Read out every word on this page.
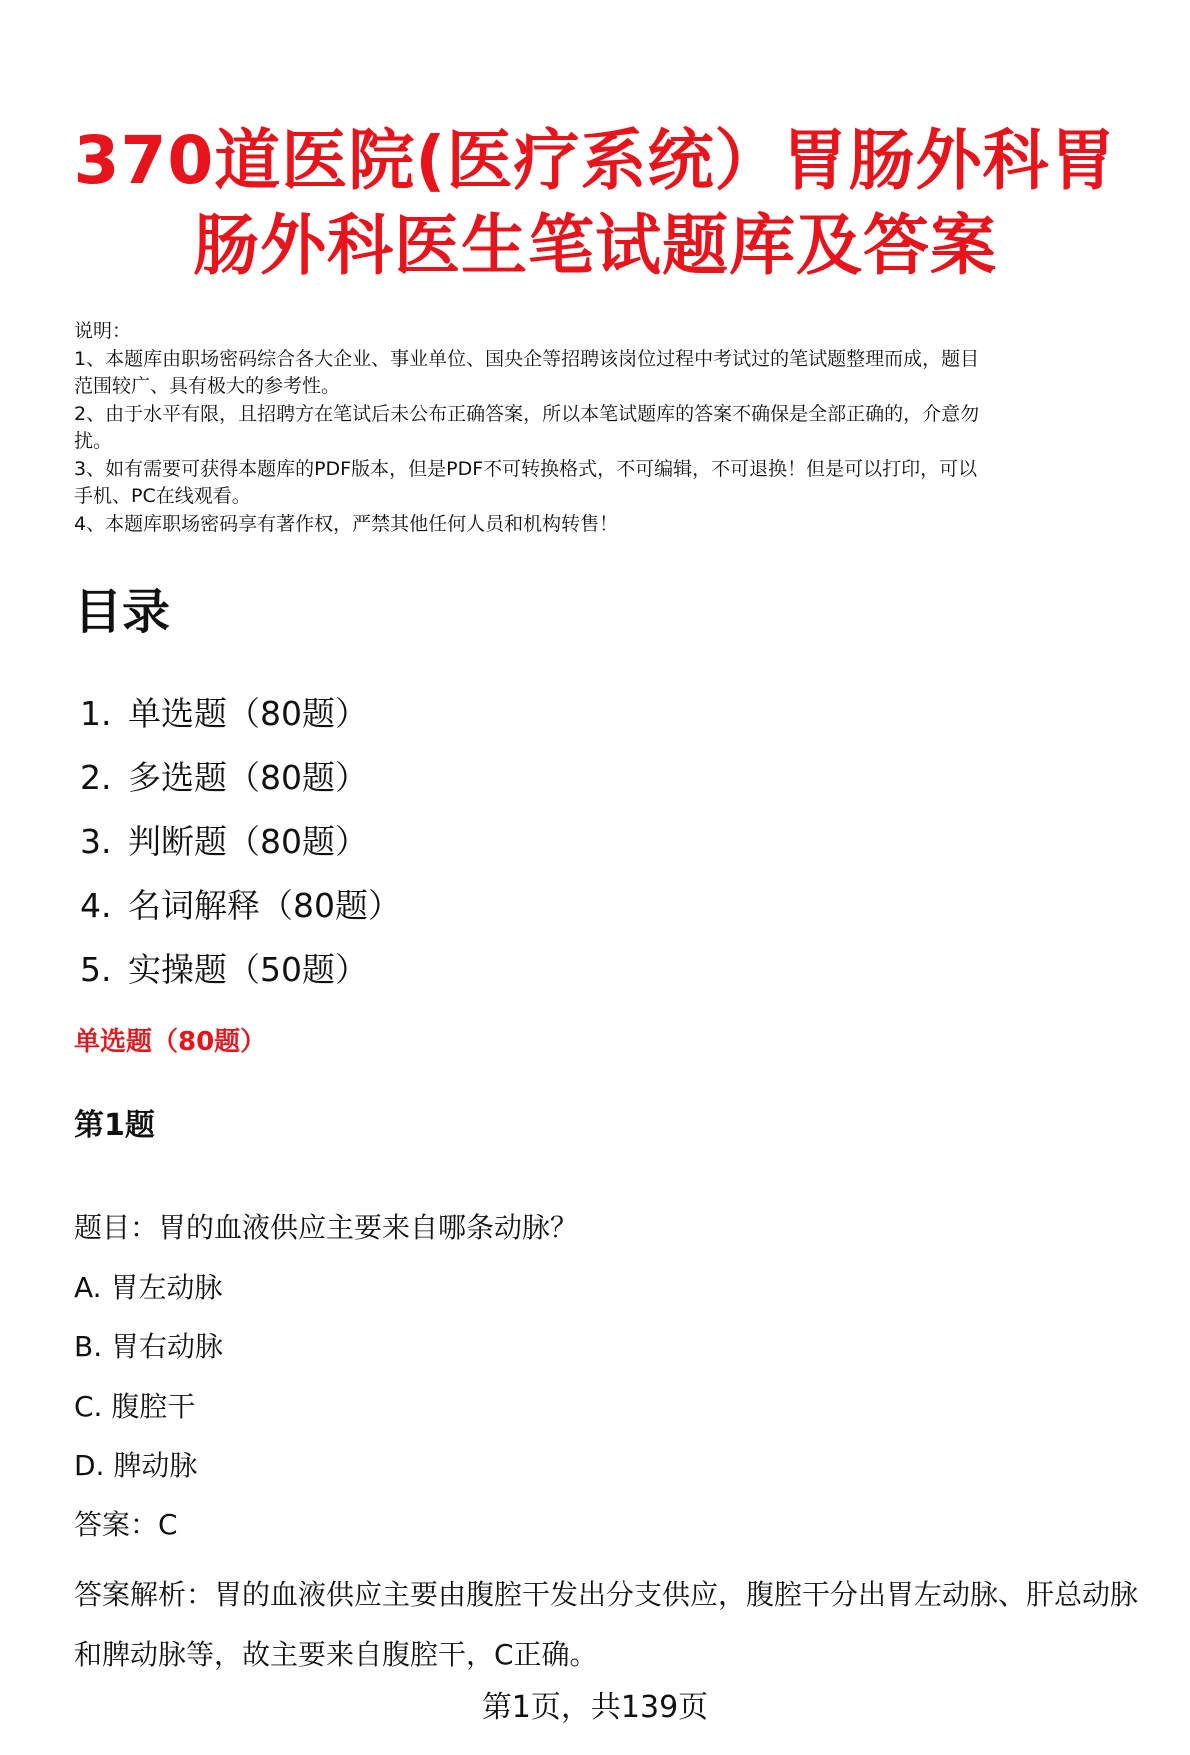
370道医院(医疗系统）胃肠外科胃
肠外科医生笔试题库及答案
说明：
1、本题库由职场密码综合各大企业、事业单位、国央企等招聘该岗位过程中考试过的笔试题整理而成，题目
范围较广、具有极大的参考性。
2、由于水平有限，且招聘方在笔试后未公布正确答案，所以本笔试题库的答案不确保是全部正确的，介意勿
扰。
3、如有需要可获得本题库的PDF版本，但是PDF不可转换格式，不可编辑，不可退换！但是可以打印，可以
手机、PC在线观看。
4、本题库职场密码享有著作权，严禁其他任何人员和机构转售！
目录
1. 单选题（80题）
2. 多选题（80题）
3. 判断题（80题）
4. 名词解释（80题）
5. 实操题（50题）
单选题（80题）
第1题
题目：胃的血液供应主要来自哪条动脉？
A. 胃左动脉
B. 胃右动脉
C. 腹腔干
D. 脾动脉
答案：C
答案解析：胃的血液供应主要由腹腔干发出分支供应，腹腔干分出胃左动脉、肝总动脉和脾动脉等，故主要来自腹腔干，C正确。
第1页，共139页
